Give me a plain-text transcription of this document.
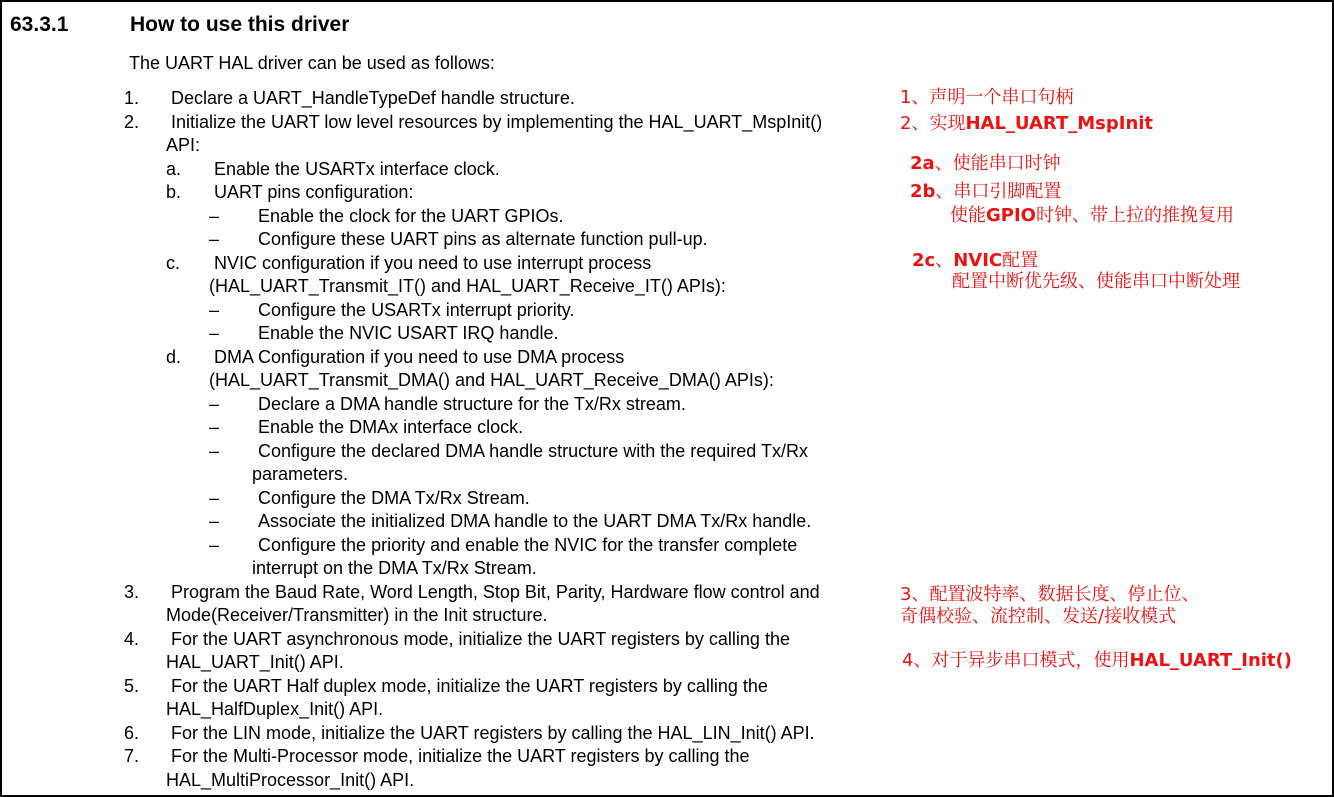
63.3.1	How to use this driver
The UART HAL driver can be used as follows:
1. Declare a UART_HandleTypeDef handle structure.
2. Initialize the UART low level resources by implementing the HAL_UART_MspInit()
API:
a. Enable the USARTx interface clock.
b. UART pins configuration:
– Enable the clock for the UART GPIOs.
– Configure these UART pins as alternate function pull-up.
c. NVIC configuration if you need to use interrupt process
(HAL_UART_Transmit_IT() and HAL_UART_Receive_IT() APIs):
– Configure the USARTx interrupt priority.
– Enable the NVIC USART IRQ handle.
d. DMA Configuration if you need to use DMA process
(HAL_UART_Transmit_DMA() and HAL_UART_Receive_DMA() APIs):
– Declare a DMA handle structure for the Tx/Rx stream.
– Enable the DMAx interface clock.
– Configure the declared DMA handle structure with the required Tx/Rx
parameters.
– Configure the DMA Tx/Rx Stream.
– Associate the initialized DMA handle to the UART DMA Tx/Rx handle.
– Configure the priority and enable the NVIC for the transfer complete
interrupt on the DMA Tx/Rx Stream.
3. Program the Baud Rate, Word Length, Stop Bit, Parity, Hardware flow control and
Mode(Receiver/Transmitter) in the Init structure.
4. For the UART asynchronous mode, initialize the UART registers by calling the
HAL_UART_Init() API.
5. For the UART Half duplex mode, initialize the UART registers by calling the
HAL_HalfDuplex_Init() API.
6. For the LIN mode, initialize the UART registers by calling the HAL_LIN_Init() API.
7. For the Multi-Processor mode, initialize the UART registers by calling the
HAL_MultiProcessor_Init() API.
1、声明一个串口句柄
2、实现HAL_UART_MspInit
2a、使能串口时钟
2b、串口引脚配置
使能GPIO时钟、带上拉的推挽复用
2c、NVIC配置
配置中断优先级、使能串口中断处理
3、配置波特率、数据长度、停止位、
奇偶校验、流控制、发送/接收模式
4、对于异步串口模式，使用HAL_UART_Init()
